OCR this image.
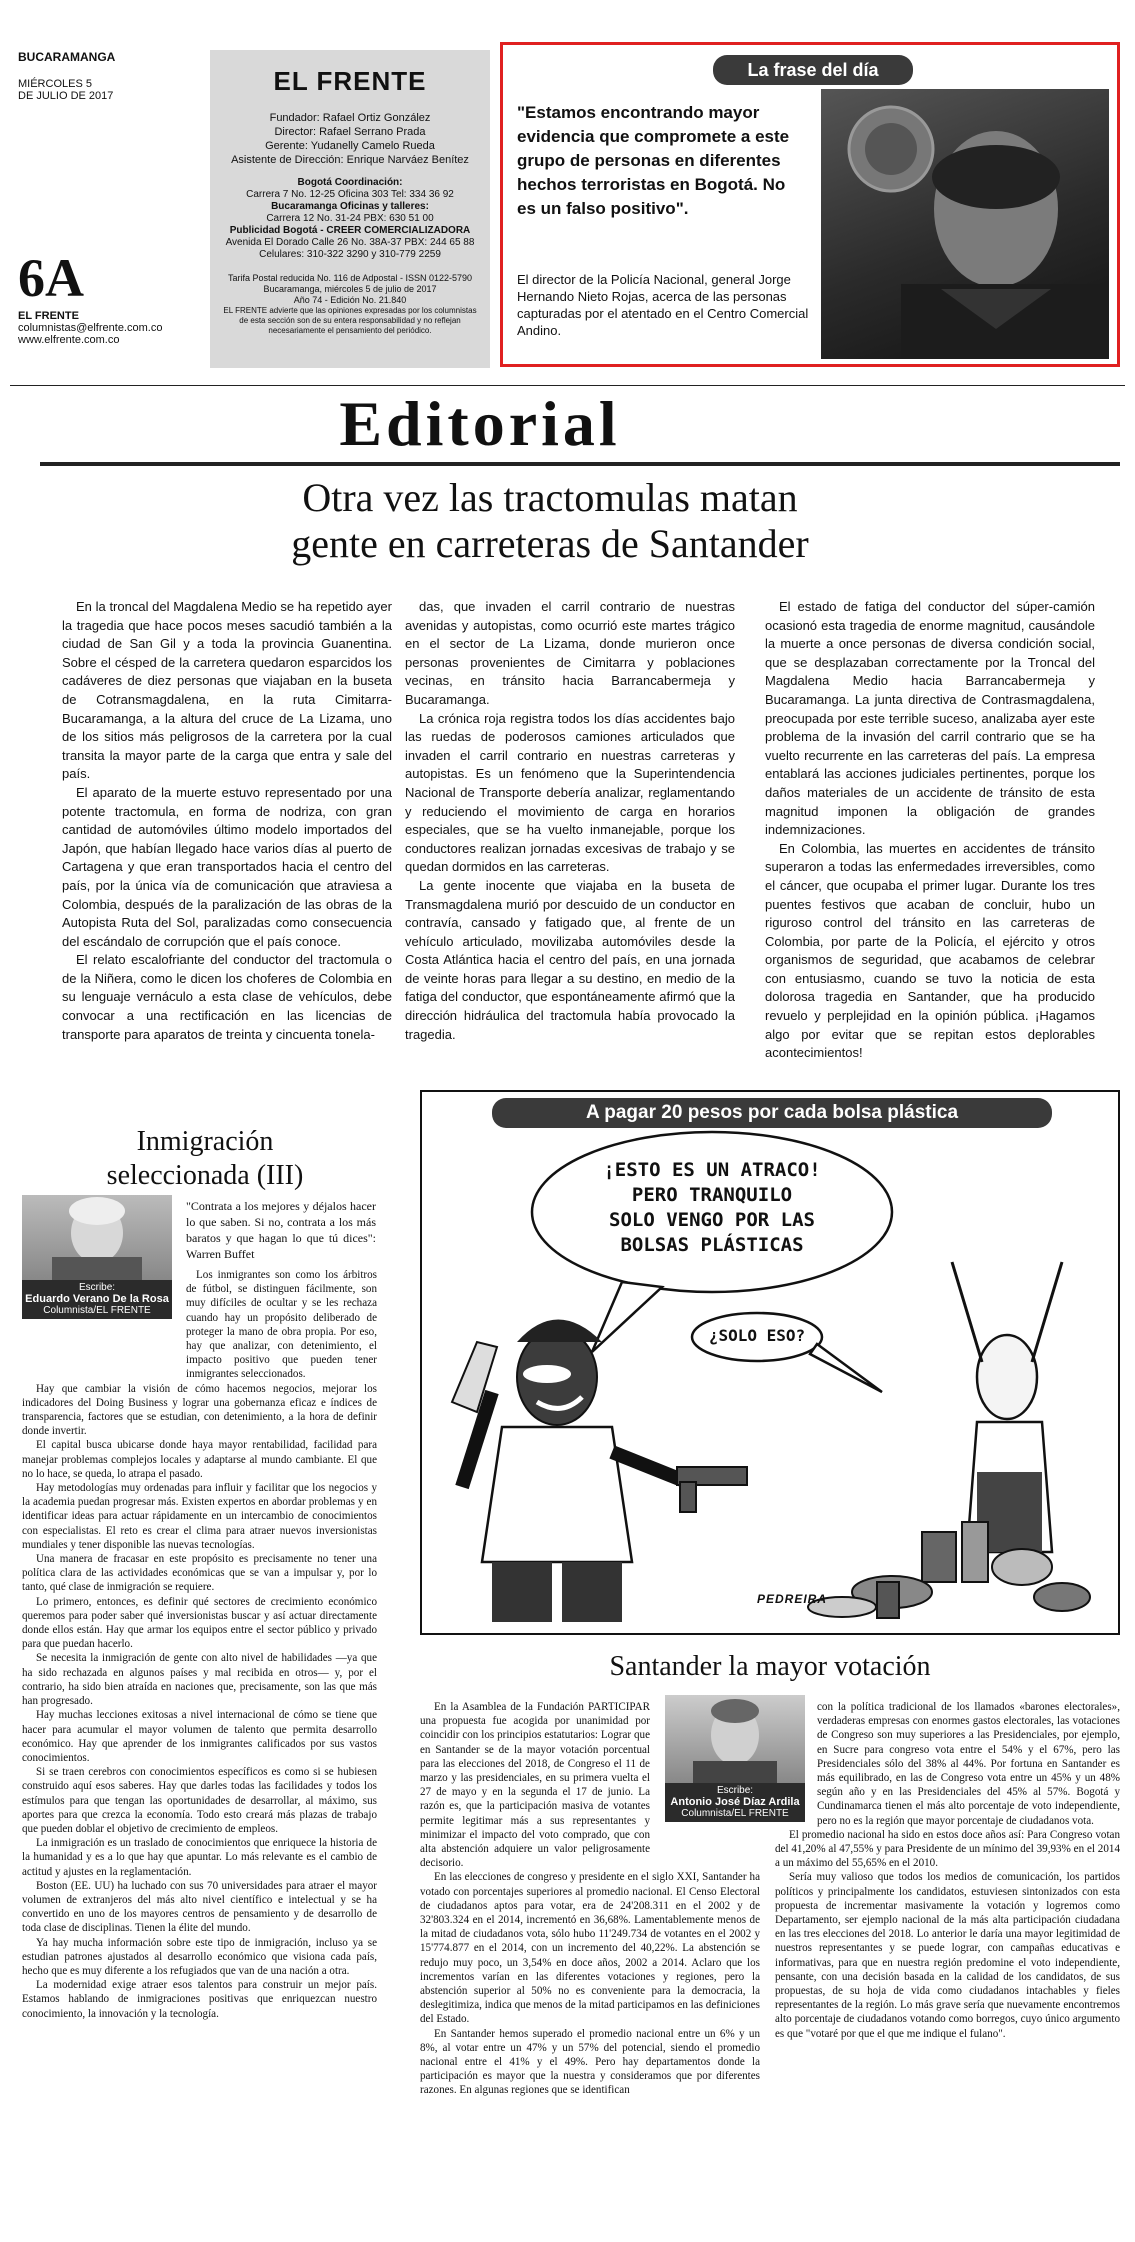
BUCARAMANGA
MIÉRCOLES 5
DE JULIO DE 2017
6A
EL FRENTE
columnistas@elfrente.com.co
www.elfrente.com.co
EL FRENTE
Fundador: Rafael Ortiz González
Director: Rafael Serrano Prada
Gerente: Yudanelly Camelo Rueda
Asistente de Dirección: Enrique Narváez Benítez
Bogotá Coordinación:
Carrera 7 No. 12-25 Oficina 303 Tel: 334 36 92
Bucaramanga Oficinas y talleres:
Carrera 12 No. 31-24 PBX: 630 51 00
Publicidad Bogotá - CREER COMERCIALIZADORA
Avenida El Dorado Calle 26 No. 38A-37 PBX: 244 65 88
Celulares: 310-322 3290 y 310-779 2259
Tarifa Postal reducida No. 116 de Adpostal - ISSN 0122-5790
Bucaramanga, miércoles 5 de julio de 2017
Año 74 - Edición No. 21.840
EL FRENTE advierte que las opiniones expresadas por los columnistas de esta sección son de su entera responsabilidad y no reflejan necesariamente el pensamiento del periódico.
La frase del día
"Estamos encontrando mayor evidencia que compromete a este grupo de personas en diferentes hechos terroristas en Bogotá. No es un falso positivo".
El director de la Policía Nacional, general Jorge Hernando Nieto Rojas, acerca de las personas capturadas por el atentado en el Centro Comercial Andino.
Editorial
Otra vez las tractomulas matan
gente en carreteras de Santander

En la troncal del Magdalena Medio se ha repetido ayer la tragedia que hace pocos meses sacudió también a la ciudad de San Gil y a toda la provincia Guanentina. Sobre el césped de la carretera quedaron esparcidos los cadáveres de diez personas que viajaban en la buseta de Cotransmagdalena, en la ruta Cimitarra- Bucaramanga, a la altura del cruce de La Lizama, uno de los sitios más peligrosos de la carretera por la cual transita la mayor parte de la carga que entra y sale del país.

El aparato de la muerte estuvo representado por una potente tractomula, en forma de nodriza, con gran cantidad de automóviles último modelo importados del Japón, que habían llegado hace varios días al puerto de Cartagena y que eran transportados hacia el centro del país, por la única vía de comunicación que atraviesa a Colombia, después de la paralización de las obras de la Autopista Ruta del Sol, paralizadas como consecuencia del escándalo de corrupción que el país conoce.

El relato escalofriante del conductor del tractomula o de la Niñera, como le dicen los choferes de Colombia en su lenguaje vernáculo a esta clase de vehículos, debe convocar a una rectificación en las licencias de transporte para aparatos de treinta y cincuenta tonela-

das, que invaden el carril contrario de nuestras avenidas y autopistas, como ocurrió este martes trágico en el sector de La Lizama, donde murieron once personas provenientes de Cimitarra y poblaciones vecinas, en tránsito hacia Barrancabermeja y Bucaramanga.

La crónica roja registra todos los días accidentes bajo las ruedas de poderosos camiones articulados que invaden el carril contrario en nuestras carreteras y autopistas. Es un fenómeno que la Superintendencia Nacional de Transporte debería analizar, reglamentando y reduciendo el movimiento de carga en horarios especiales, que se ha vuelto inmanejable, porque los conductores realizan jornadas excesivas de trabajo y se quedan dormidos en las carreteras.

La gente inocente que viajaba en la buseta de Transmagdalena murió por descuido de un conductor en contravía, cansado y fatigado que, al frente de un vehículo articulado, movilizaba automóviles desde la Costa Atlántica hacia el centro del país, en una jornada de veinte horas para llegar a su destino, en medio de la fatiga del conductor, que espontáneamente afirmó que la dirección hidráulica del tractomula había provocado la tragedia.

El estado de fatiga del conductor del súper-camión ocasionó esta tragedia de enorme magnitud, causándole la muerte a once personas de diversa condición social, que se desplazaban correctamente por la Troncal del Magdalena Medio hacia Barrancabermeja y Bucaramanga. La junta directiva de Contrasmagdalena, preocupada por este terrible suceso, analizaba ayer este problema de la invasión del carril contrario que se ha vuelto recurrente en las carreteras del país. La empresa entablará las acciones judiciales pertinentes, porque los daños materiales de un accidente de tránsito de esta magnitud imponen la obligación de grandes indemnizaciones.

En Colombia, las muertes en accidentes de tránsito superaron a todas las enfermedades irreversibles, como el cáncer, que ocupaba el primer lugar. Durante los tres puentes festivos que acaban de concluir, hubo un riguroso control del tránsito en las carreteras de Colombia, por parte de la Policía, el ejército y otros organismos de seguridad, que acabamos de celebrar con entusiasmo, cuando se tuvo la noticia de esta dolorosa tragedia en Santander, que ha producido revuelo y perplejidad en la opinión pública. ¡Hagamos algo por evitar que se repitan estos deplorables acontecimientos!

Inmigración
seleccionada (III)
Escribe:
Eduardo Verano De la Rosa
Columnista/EL FRENTE
"Contrata a los mejores y déjalos hacer lo que saben. Si no, contrata a los más baratos y que hagan lo que tú dices": Warren Buffet

Los inmigrantes son como los árbitros de fútbol, se distinguen fácilmente, son muy difíciles de ocultar y se les rechaza cuando hay un propósito deliberado de proteger la mano de obra propia. Por eso, hay que analizar, con detenimiento, el impacto positivo que pueden tener inmigrantes seleccionados.

Hay que cambiar la visión de cómo hacemos negocios, mejorar los indicadores del Doing Business y lograr una gobernanza eficaz e índices de transparencia, factores que se estudian, con detenimiento, a la hora de definir donde invertir.

El capital busca ubicarse donde haya mayor rentabilidad, facilidad para manejar problemas complejos locales y adaptarse al mundo cambiante. El que no lo hace, se queda, lo atrapa el pasado.

Hay metodologías muy ordenadas para influir y facilitar que los negocios y la academia puedan progresar más. Existen expertos en abordar problemas y en identificar ideas para actuar rápidamente en un intercambio de conocimientos con especialistas. El reto es crear el clima para atraer nuevos inversionistas mundiales y tener disponible las nuevas tecnologías.

Una manera de fracasar en este propósito es precisamente no tener una política clara de las actividades económicas que se van a impulsar y, por lo tanto, qué clase de inmigración se requiere.

Lo primero, entonces, es definir qué sectores de crecimiento económico queremos para poder saber qué inversionistas buscar y así actuar directamente donde ellos están. Hay que armar los equipos entre el sector público y privado para que puedan hacerlo.

Se necesita la inmigración de gente con alto nivel de habilidades —ya que ha sido rechazada en algunos países y mal recibida en otros— y, por el contrario, ha sido bien atraída en naciones que, precisamente, son las que más han progresado.

Hay muchas lecciones exitosas a nivel internacional de cómo se tiene que hacer para acumular el mayor volumen de talento que permita desarrollo económico. Hay que aprender de los inmigrantes calificados por sus vastos conocimientos.

Si se traen cerebros con conocimientos específicos es como si se hubiesen construido aquí esos saberes. Hay que darles todas las facilidades y todos los estímulos para que tengan las oportunidades de desarrollar, al máximo, sus aportes para que crezca la economía. Todo esto creará más plazas de trabajo que pueden doblar el objetivo de crecimiento de empleos.

La inmigración es un traslado de conocimientos que enriquece la historia de la humanidad y es a lo que hay que apuntar. Lo más relevante es el cambio de actitud y ajustes en la reglamentación.

Boston (EE. UU) ha luchado con sus 70 universidades para atraer el mayor volumen de extranjeros del más alto nivel científico e intelectual y se ha convertido en uno de los mayores centros de pensamiento y de desarrollo de toda clase de disciplinas. Tienen la élite del mundo.

Ya hay mucha información sobre este tipo de inmigración, incluso ya se estudian patrones ajustados al desarrollo económico que visiona cada país, hecho que es muy diferente a los refugiados que van de una nación a otra.

La modernidad exige atraer esos talentos para construir un mejor país. Estamos hablando de inmigraciones positivas que enriquezcan nuestro conocimiento, la innovación y la tecnología.

A pagar 20 pesos por cada bolsa plástica
¡ESTO ES UN ATRACO!
PERO TRANQUILO
SOLO VENGO POR LAS
BOLSAS PLÁSTICAS
¿SOLO ESO?
PEDREIRA
Santander la mayor votación

En la Asamblea de la Fundación PARTICIPAR una propuesta fue acogida por unanimidad por coincidir con los principios estatutarios: Lograr que en Santander se de la mayor votación porcentual para las elecciones del 2018, de Congreso el 11 de marzo y las presidenciales, en su primera vuelta el 27 de mayo y en la segunda el 17 de junio. La razón es, que la participación masiva de votantes permite legitimar más a sus representantes y minimizar el impacto del voto comprado, que con alta abstención adquiere un valor peligrosamente decisorio.

En las elecciones de congreso y presidente en el siglo XXI, Santander ha votado con porcentajes superiores al promedio nacional. El Censo Electoral de ciudadanos aptos para votar, era de 24'208.311 en el 2002 y de 32'803.324 en el 2014, incrementó en 36,68%. Lamentablemente menos de la mitad de ciudadanos vota, sólo hubo 11'249.734 de votantes en el 2002 y 15'774.877 en el 2014, con un incremento del 40,22%. La abstención se redujo muy poco, un 3,54% en doce años, 2002 a 2014. Aclaro que los incrementos varían en las diferentes votaciones y regiones, pero la abstención superior al 50% no es conveniente para la democracia, la deslegitimiza, indica que menos de la mitad participamos en las definiciones del Estado.

En Santander hemos superado el promedio nacional entre un 6% y un 8%, al votar entre un 47% y un 57% del potencial, siendo el promedio nacional entre el 41% y el 49%. Pero hay departamentos donde la participación es mayor que la nuestra y consideramos que por diferentes razones. En algunas regiones que se identifican

Escribe:
Antonio José Díaz Ardila
Columnista/EL FRENTE

con la política tradicional de los llamados «barones electorales», verdaderas empresas con enormes gastos electorales, las votaciones de Congreso son muy superiores a las Presidenciales, por ejemplo, en Sucre para congreso vota entre el 54% y el 67%, pero las Presidenciales sólo del 38% al 44%. Por fortuna en Santander es más equilibrado, en las de Congreso vota entre un 45% y un 48% según año y en las Presidenciales del 45% al 57%. Bogotá y Cundinamarca tienen el más alto porcentaje de voto independiente, pero no es la región que mayor porcentaje de ciudadanos vota.

El promedio nacional ha sido en estos doce años así: Para Congreso votan del 41,20% al 47,55% y para Presidente de un mínimo del 39,93% en el 2014 a un máximo del 55,65% en el 2010.

Sería muy valioso que todos los medios de comunicación, los partidos políticos y principalmente los candidatos, estuviesen sintonizados con esta propuesta de incrementar masivamente la votación y logremos como Departamento, ser ejemplo nacional de la más alta participación ciudadana en las tres elecciones del 2018. Lo anterior le daría una mayor legitimidad de nuestros representantes y se puede lograr, con campañas educativas e informativas, para que en nuestra región predomine el voto independiente, pensante, con una decisión basada en la calidad de los candidatos, de sus propuestas, de su hoja de vida como ciudadanos intachables y fieles representantes de la región. Lo más grave sería que nuevamente encontremos alto porcentaje de ciudadanos votando como borregos, cuyo único argumento es que "votaré por que el que me indique el fulano".
